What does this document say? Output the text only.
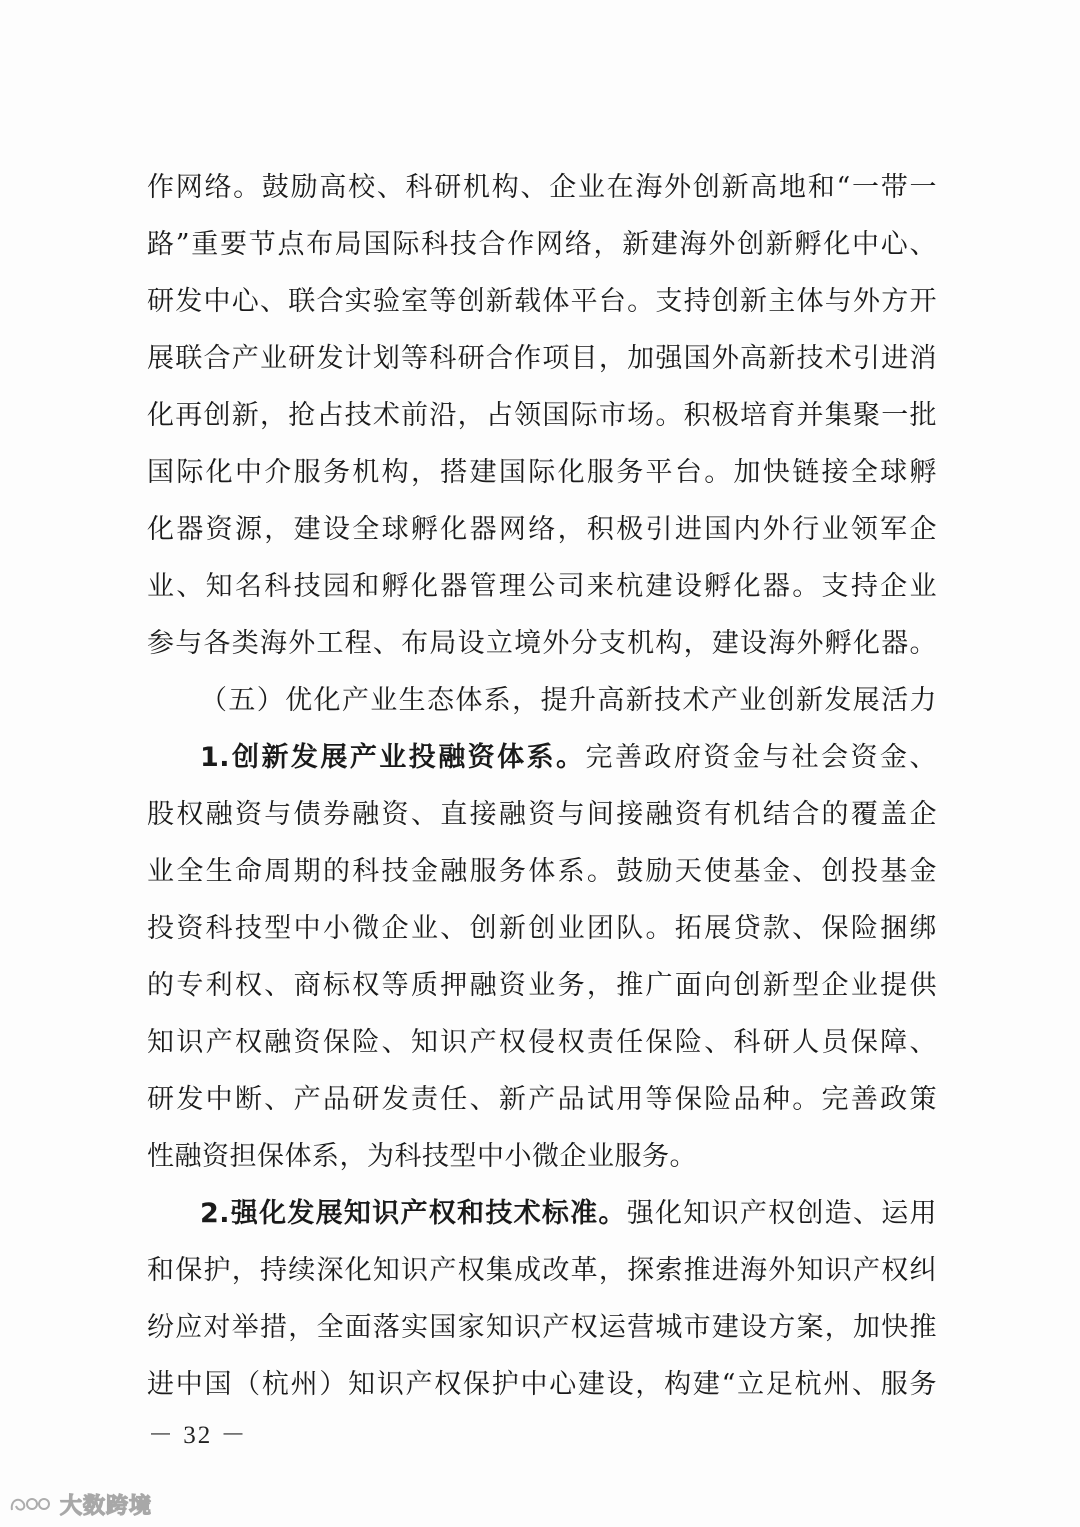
作网络。鼓励高校、科研机构、企业在海外创新高地和“一带一
路”重要节点布局国际科技合作网络，新建海外创新孵化中心、
研发中心、联合实验室等创新载体平台。支持创新主体与外方开
展联合产业研发计划等科研合作项目，加强国外高新技术引进消
化再创新，抢占技术前沿，占领国际市场。积极培育并集聚一批
国际化中介服务机构，搭建国际化服务平台。加快链接全球孵
化器资源，建设全球孵化器网络，积极引进国内外行业领军企
业、知名科技园和孵化器管理公司来杭建设孵化器。支持企业
参与各类海外工程、布局设立境外分支机构，建设海外孵化器。
（五）优化产业生态体系，提升高新技术产业创新发展活力
1.创新发展产业投融资体系。完善政府资金与社会资金、
股权融资与债券融资、直接融资与间接融资有机结合的覆盖企
业全生命周期的科技金融服务体系。鼓励天使基金、创投基金
投资科技型中小微企业、创新创业团队。拓展贷款、保险捆绑
的专利权、商标权等质押融资业务，推广面向创新型企业提供
知识产权融资保险、知识产权侵权责任保险、科研人员保障、
研发中断、产品研发责任、新产品试用等保险品种。完善政策
性融资担保体系，为科技型中小微企业服务。
2.强化发展知识产权和技术标准。强化知识产权创造、运用
和保护，持续深化知识产权集成改革，探索推进海外知识产权纠
纷应对举措，全面落实国家知识产权运营城市建设方案，加快推
进中国（杭州）知识产权保护中心建设，构建“立足杭州、服务
－ 32 －
大数跨境
